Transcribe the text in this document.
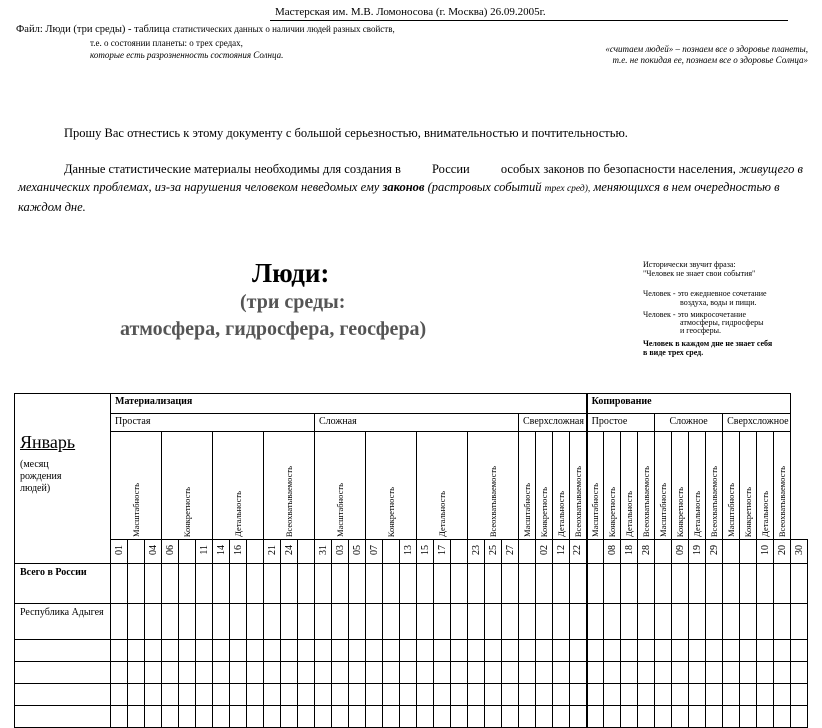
Мастерская им. М.В. Ломоносова (г. Москва) 26.09.2005г.
Файл: Люди (три среды) - таблица статистических данных о наличии людей разных свойств,
т.е. о состоянии планеты: о трех средах,
которые есть разрозненность состояния Солнца.
«считаем людей» – познаем все о здоровье планеты,
т.е. не покидая ее, познаем все о здоровье Солнца»
Прошу Вас отнестись к этому документу с большой серьезностью, внимательностью и почтительностью.
Данные статистические материалы необходимы для создания в России особых законов по безопасности населения, живущего в механических проблемах, из-за нарушения человеком неведомых ему законов (растровых событий трех сред), меняющихся в нем очередностью в каждом дне.
Люди:
(три среды:
атмосфера, гидросфера, геосфера)
Исторически звучит фраза:
"Человек не знает свои события"
Человек - это ежедневное сочетание
воздуха, воды и пищи.
Человек - это микросочетание
атмосферы, гидросферы
и геосферы.
Человек в каждом дне не знает себя
в виде трех сред.
Январь
(месяц рождения людей)	Материализация																												Копирование												
	Простая												Сложная												Сверхсложная				Простое				Сложное				Сверхсложное				

	Масштабность			Конкретность			Детальность			Всеохватываемость			Масштабность			Конкретность			Детальность			Всеохватываемость			Масштабность	Конкретность	Детальность	Всеохватываемость	Масштабность	Конкретность	Детальность	Всеохватываемость	Масштабность	Конкретность	Детальность	Всеохватываемость	Масштабность	Конкретность	Детальность	Всеохватываемость	

	01		04	06		11	14	16		21	24		31	03	05	07		13	15	17		23	25	27		02	12	22		08	18	28		09	19	29			10	20	30
Всего в России																																									
Республика Адыгея																																									
